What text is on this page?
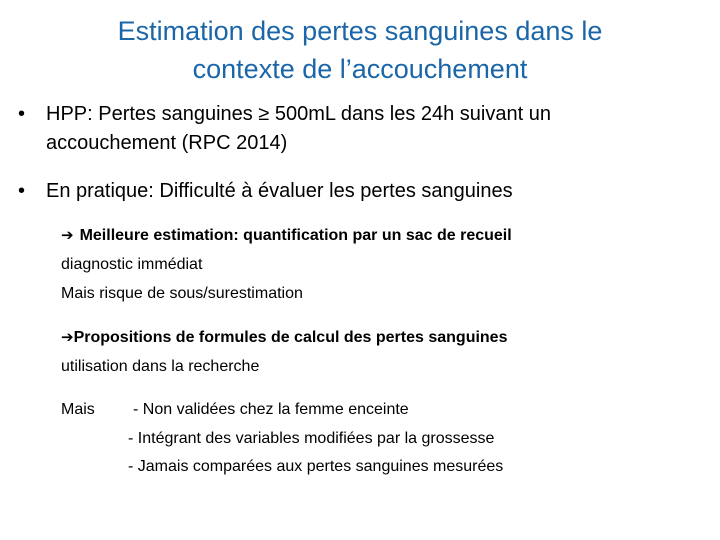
Estimation des pertes sanguines dans le
contexte de l’accouchement
• HPP: Pertes sanguines ≥ 500mL dans les 24h suivant un
accouchement (RPC 2014)
• En pratique: Difficulté à évaluer les pertes sanguines
➔ Meilleure estimation: quantification par un sac de recueil
diagnostic immédiat
Mais risque de sous/surestimation
➔Propositions de formules de calcul des pertes sanguines
utilisation dans la recherche
Mais - Non validées chez la femme enceinte
- Intégrant des variables modifiées par la grossesse
- Jamais comparées aux pertes sanguines mesurées
